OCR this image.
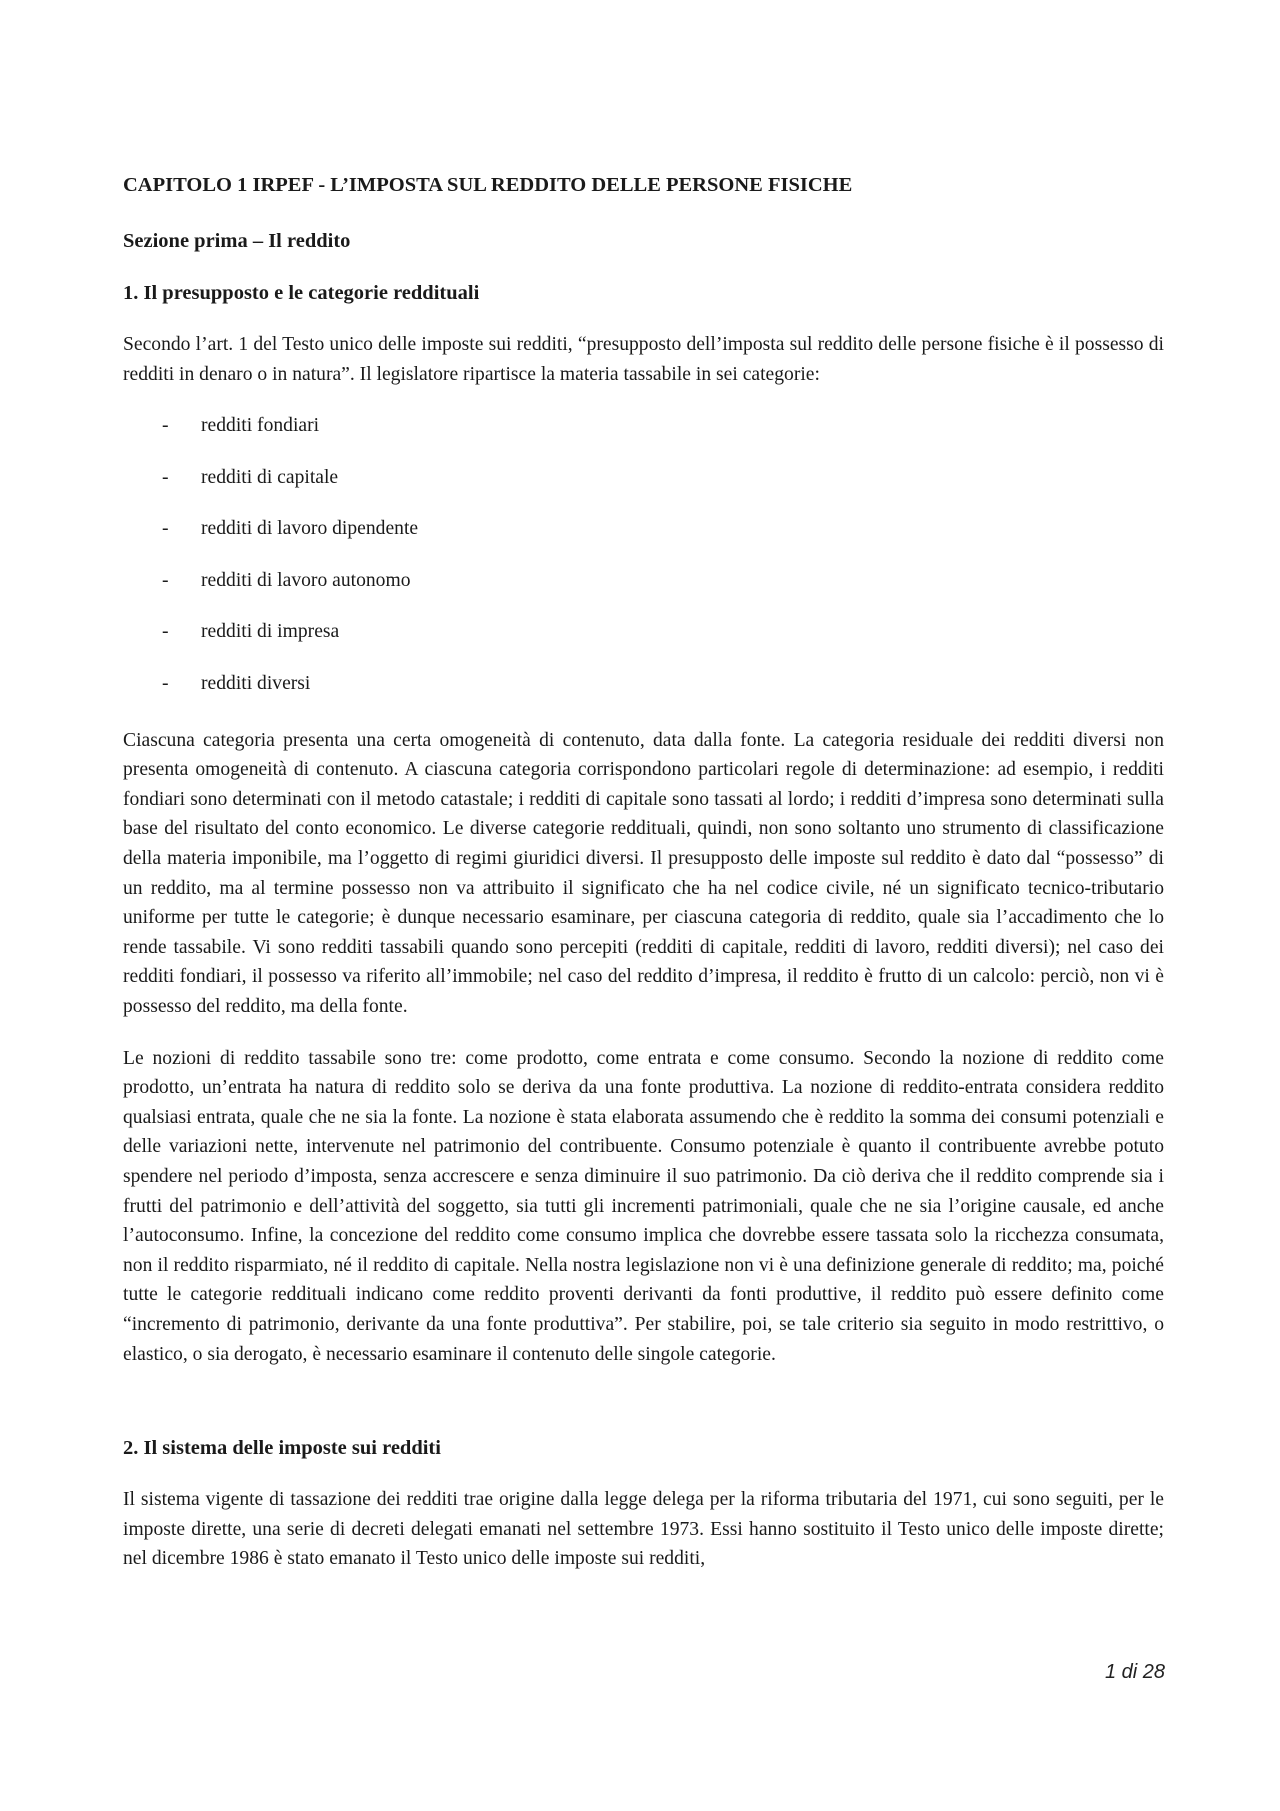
CAPITOLO 1 IRPEF - L’IMPOSTA SUL REDDITO DELLE PERSONE FISICHE
Sezione prima – Il reddito
1. Il presupposto e le categorie reddituali

Secondo l’art. 1 del Testo unico delle imposte sui redditi, “presupposto dell’imposta sul reddito delle persone fisiche è il possesso di redditi in denaro o in natura”. Il legislatore ripartisce la materia tassabile in sei categorie:

- redditi fondiari
- redditi di capitale
- redditi di lavoro dipendente
- redditi di lavoro autonomo
- redditi di impresa
- redditi diversi

Ciascuna categoria presenta una certa omogeneità di contenuto, data dalla fonte. La categoria residuale dei redditi diversi non presenta omogeneità di contenuto. A ciascuna categoria corrispondono particolari regole di determinazione: ad esempio, i redditi fondiari sono determinati con il metodo catastale; i redditi di capitale sono tassati al lordo; i redditi d’impresa sono determinati sulla base del risultato del conto economico. Le diverse categorie reddituali, quindi, non sono soltanto uno strumento di classificazione della materia imponibile, ma l’oggetto di regimi giuridici diversi. Il presupposto delle imposte sul reddito è dato dal “possesso” di un reddito, ma al termine possesso non va attribuito il significato che ha nel codice civile, né un significato tecnico-tributario uniforme per tutte le categorie; è dunque necessario esaminare, per ciascuna categoria di reddito, quale sia l’accadimento che lo rende tassabile. Vi sono redditi tassabili quando sono percepiti (redditi di capitale, redditi di lavoro, redditi diversi); nel caso dei redditi fondiari, il possesso va riferito all’immobile; nel caso del reddito d’impresa, il reddito è frutto di un calcolo: perciò, non vi è possesso del reddito, ma della fonte.

Le nozioni di reddito tassabile sono tre: come prodotto, come entrata e come consumo. Secondo la nozione di reddito come prodotto, un’entrata ha natura di reddito solo se deriva da una fonte produttiva. La nozione di reddito-entrata considera reddito qualsiasi entrata, quale che ne sia la fonte. La nozione è stata elaborata assumendo che è reddito la somma dei consumi potenziali e delle variazioni nette, intervenute nel patrimonio del contribuente. Consumo potenziale è quanto il contribuente avrebbe potuto spendere nel periodo d’imposta, senza accrescere e senza diminuire il suo patrimonio. Da ciò deriva che il reddito comprende sia i frutti del patrimonio e dell’attività del soggetto, sia tutti gli incrementi patrimoniali, quale che ne sia l’origine causale, ed anche l’autoconsumo. Infine, la concezione del reddito come consumo implica che dovrebbe essere tassata solo la ricchezza consumata, non il reddito risparmiato, né il reddito di capitale. Nella nostra legislazione non vi è una definizione generale di reddito; ma, poiché tutte le categorie reddituali indicano come reddito proventi derivanti da fonti produttive, il reddito può essere definito come “incremento di patrimonio, derivante da una fonte produttiva”. Per stabilire, poi, se tale criterio sia seguito in modo restrittivo, o elastico, o sia derogato, è necessario esaminare il contenuto delle singole categorie.

2. Il sistema delle imposte sui redditi

Il sistema vigente di tassazione dei redditi trae origine dalla legge delega per la riforma tributaria del 1971, cui sono seguiti, per le imposte dirette, una serie di decreti delegati emanati nel settembre 1973. Essi hanno sostituito il Testo unico delle imposte dirette; nel dicembre 1986 è stato emanato il Testo unico delle imposte sui redditi,

1 di 28
